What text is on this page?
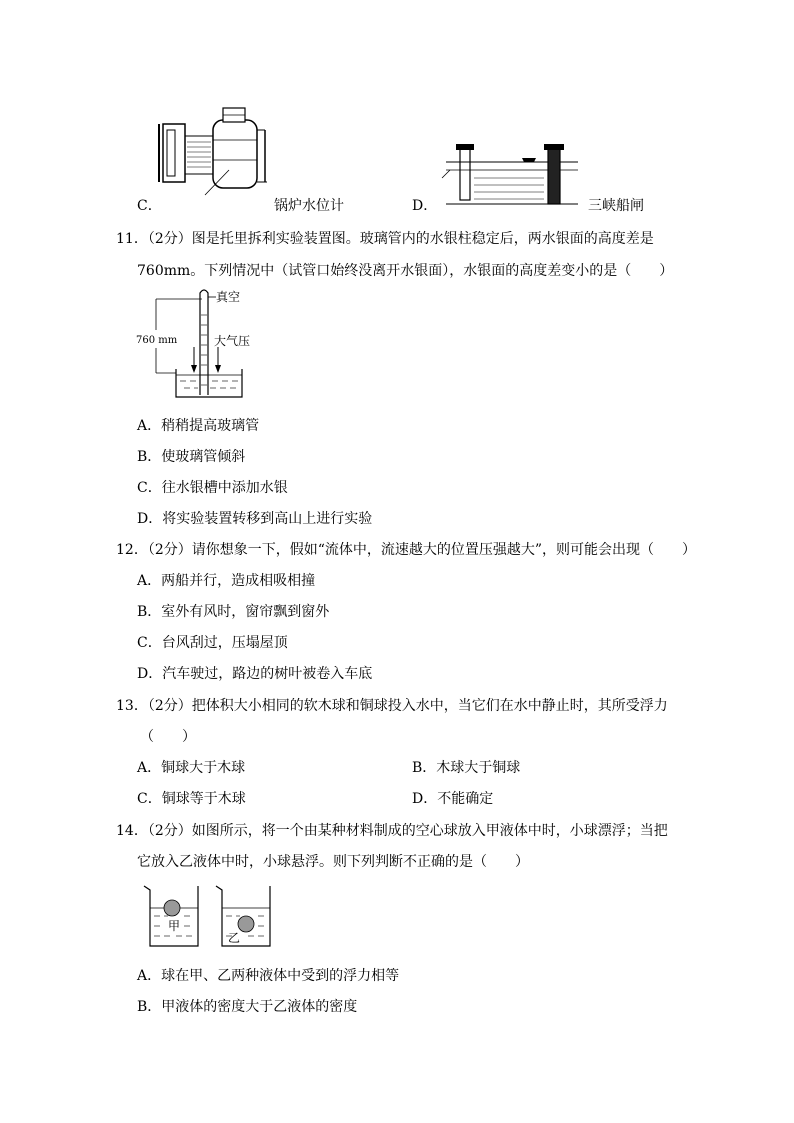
C．	锅炉水位计	D．	三峡船闸
11．（2分）图是托里拆利实验装置图。玻璃管内的水银柱稳定后，两水银面的高度差是
760mm。下列情况中（试管口始终没离开水银面），水银面的高度差变小的是（　　）
真空
760 mm	大气压
A．稍稍提高玻璃管
B．使玻璃管倾斜
C．往水银槽中添加水银
D．将实验装置转移到高山上进行实验
12．（2分）请你想象一下，假如“流体中，流速越大的位置压强越大”，则可能会出现（　　）
A．两船并行，造成相吸相撞
B．室外有风时，窗帘飘到窗外
C．台风刮过，压塌屋顶
D．汽车驶过，路边的树叶被卷入车底
13．（2分）把体积大小相同的软木球和铜球投入水中，当它们在水中静止时，其所受浮力
（　　）
A．铜球大于木球	B．木球大于铜球
C．铜球等于木球	D．不能确定
14．（2分）如图所示，将一个由某种材料制成的空心球放入甲液体中时，小球漂浮；当把
它放入乙液体中时，小球悬浮。则下列判断不正确的是（　　）
甲
乙
A．球在甲、乙两种液体中受到的浮力相等
B．甲液体的密度大于乙液体的密度
